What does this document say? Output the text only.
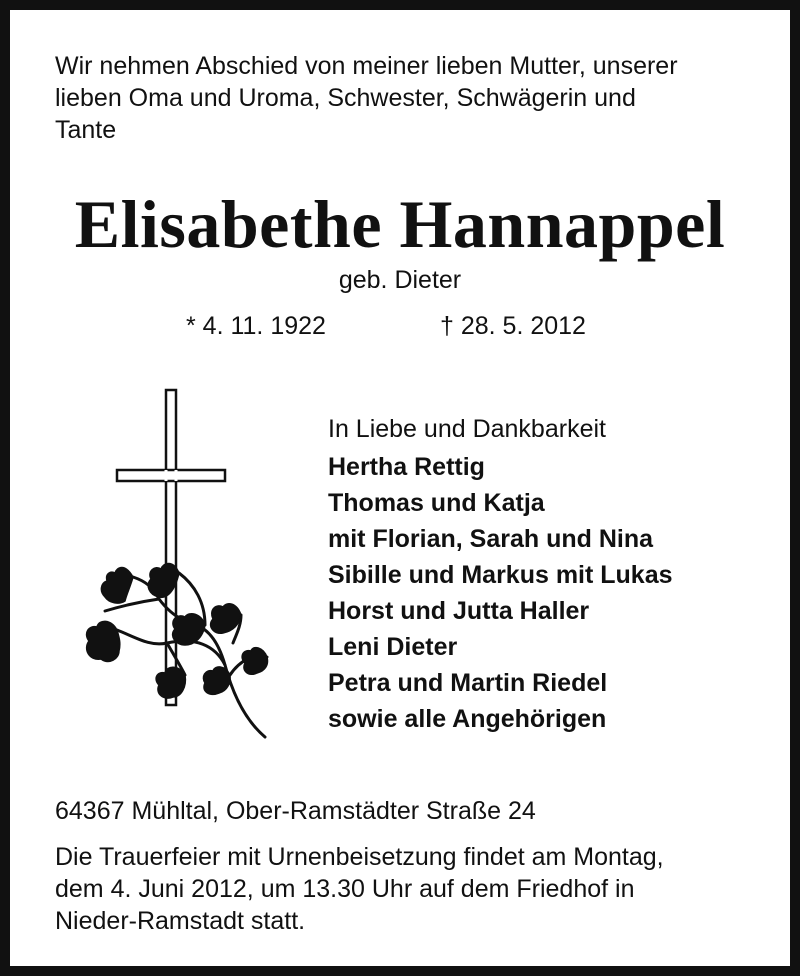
Wir nehmen Abschied von meiner lieben Mutter, unserer
lieben Oma und Uroma, Schwester, Schwägerin und
Tante
Elisabethe Hannappel
geb. Dieter
* 4. 11. 1922	† 28. 5. 2012
In Liebe und Dankbarkeit
Hertha Rettig
Thomas und Katja
mit Florian, Sarah und Nina
Sibille und Markus mit Lukas
Horst und Jutta Haller
Leni Dieter
Petra und Martin Riedel
sowie alle Angehörigen
64367 Mühltal, Ober-Ramstädter Straße 24
Die Trauerfeier mit Urnenbeisetzung findet am Montag,
dem 4. Juni 2012, um 13.30 Uhr auf dem Friedhof in
Nieder-Ramstadt statt.
